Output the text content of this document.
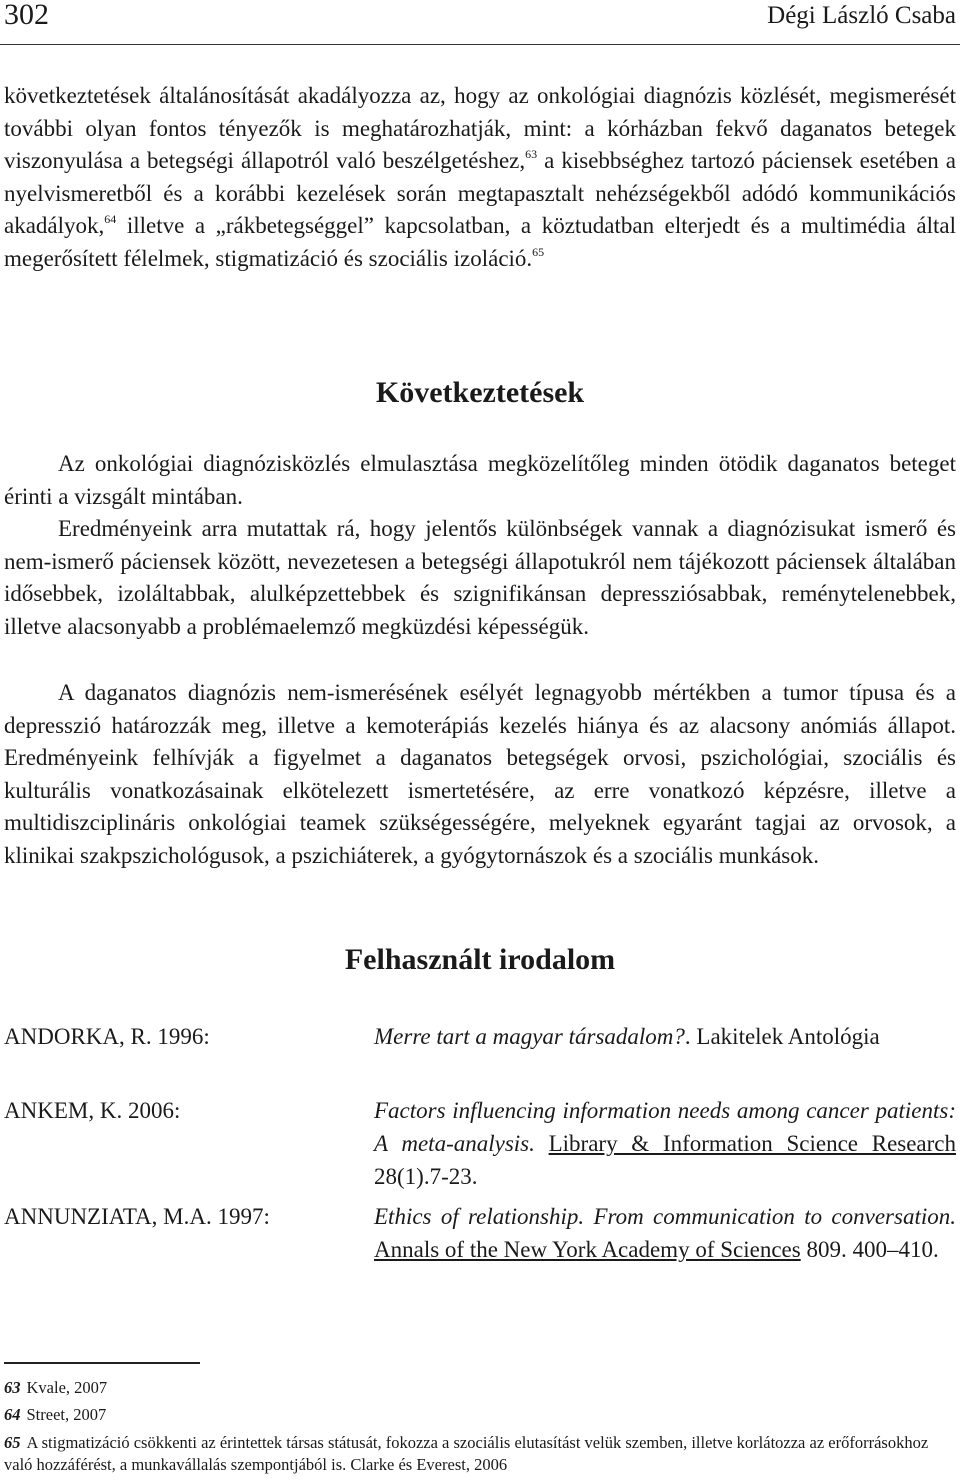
302	Dégi László Csaba

következtetések általánosítását akadályozza az, hogy az onkológiai diagnózis közlését, megismerését további olyan fontos tényezők is meghatározhatják, mint: a kórházban fekvő daganatos betegek viszonyulása a betegségi állapotról való beszélgetéshez,$^{63}$ a kisebbséghez tartozó páciensek esetében a nyelvismeretből és a korábbi kezelések során megtapasztalt nehézségekből adódó kommunikációs akadályok,$^{64}$ illetve a „rákbetegséggel” kapcsolatban, a köztudatban elterjedt és a multimédia által megerősített félelmek, stigmatizáció és szociális izoláció.$^{65}$

Következtetések

Az onkológiai diagnózisközlés elmulasztása megközelítőleg minden ötödik daganatos beteget érinti a vizsgált mintában.

Eredményeink arra mutattak rá, hogy jelentős különbségek vannak a diagnózisukat ismerő és nem-ismerő páciensek között, nevezetesen a betegségi állapotukról nem tájékozott páciensek általában idősebbek, izoláltabbak, alulképzettebbek és szignifikánsan depressziósabbak, reménytelenebbek, illetve alacsonyabb a problémaelemző megküzdési képességük.

A daganatos diagnózis nem-ismerésének esélyét legnagyobb mértékben a tumor típusa és a depresszió határozzák meg, illetve a kemoterápiás kezelés hiánya és az alacsony anómiás állapot. Eredményeink felhívják a figyelmet a daganatos betegségek orvosi, pszichológiai, szociális és kulturális vonatkozásainak elkötelezett ismertetésére, az erre vonatkozó képzésre, illetve a multidiszciplináris onkológiai teamek szükségességére, melyeknek egyaránt tagjai az orvosok, a klinikai szakpszichológusok, a pszichiáterek, a gyógytornászok és a szociális munkások.

Felhasznált irodalom
ANDORKA, R. 1996:	Merre tart a magyar társadalom?. Lakitelek Antológia
ANKEM, K. 2006:	Factors influencing information needs among cancer patients: A meta-analysis. Library & Information Science Research 28(1).7-23.
ANNUNZIATA, M.A. 1997:	Ethics of relationship. From communication to conversation. Annals of the New York Academy of Sciences 809. 400–410.

63 Kvale, 2007

64 Street, 2007

65 A stigmatizáció csökkenti az érintettek társas státusát, fokozza a szociális elutasítást velük szemben, illetve korlátozza az erőforrásokhoz való hozzáférést, a munkavállalás szempontjából is. Clarke és Everest, 2006
